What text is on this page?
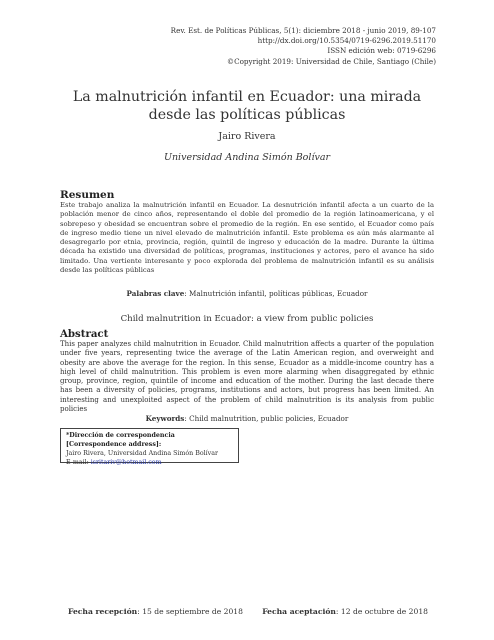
Rev. Est. de Políticas Públicas, 5(1): diciembre 2018 - junio 2019, 89-107
http://dx.doi.org/10.5354/0719-6296.2019.51170
ISSN edición web: 0719-6296
©Copyright 2019: Universidad de Chile, Santiago (Chile)
La malnutrición infantil en Ecuador: una mirada desde las políticas públicas
Jairo Rivera
Universidad Andina Simón Bolívar
Resumen

Este trabajo analiza la malnutrición infantil en Ecuador. La desnutrición infantil afecta a un cuarto de la población menor de cinco años, representando el doble del promedio de la región latinoamericana, y el sobrepeso y obesidad se encuentran sobre el promedio de la región. En ese sentido, el Ecuador como país de ingreso medio tiene un nivel elevado de malnutrición infantil. Este problema es aún más alarmante al desagregarlo por etnia, provincia, región, quintil de ingreso y educación de la madre. Durante la última década ha existido una diversidad de políticas, programas, instituciones y actores, pero el avance ha sido limitado. Una vertiente interesante y poco explorada del problema de malnutrición infantil es su análisis desde las políticas públicas

Palabras clave: Malnutrición infantil, políticas públicas, Ecuador
Child malnutrition in Ecuador: a view from public policies
Abstract

This paper analyzes child malnutrition in Ecuador. Child malnutrition affects a quarter of the population under five years, representing twice the average of the Latin American region, and overweight and obesity are above the average for the region. In this sense, Ecuador as a middle-income country has a high level of child malnutrition. This problem is even more alarming when disaggregated by ethnic group, province, region, quintile of income and education of the mother. During the last decade there has been a diversity of policies, programs, institutions and actors, but progress has been limited. An interesting and unexploited aspect of the problem of child malnutrition is its analysis from public policies

Keywords: Child malnutrition, public policies, Ecuador
*Dirección de correspondencia [Correspondence address]:
Jairo Rivera, Universidad Andina Simón Bolívar
E-mail: isritariv@hotmail.com
Fecha recepción: 15 de septiembre de 2018	Fecha aceptación: 12 de octubre de 2018
